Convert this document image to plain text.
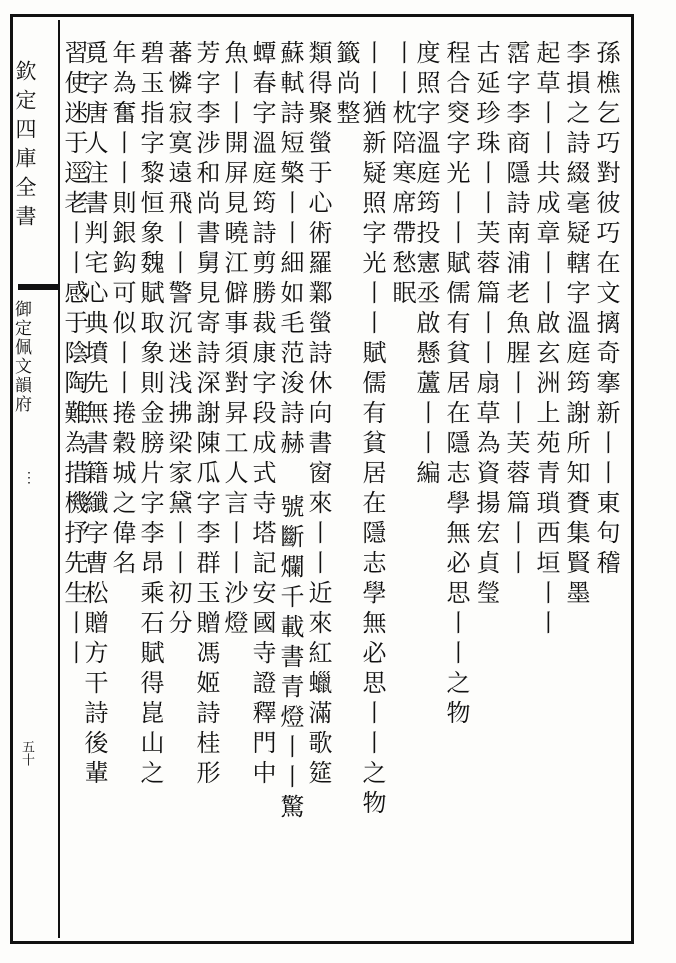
欽定四庫全書
御定佩文韻府
⋮
五十
孫樵乞巧對彼巧在文摛奇搴新丨丨東句稽
李損之詩綴毫疑轄字溫庭筠謝所知賚集賢墨
起草丨丨共成章丨丨啟玄洲上苑青瑣西垣丨丨
霑字李商隱詩南浦老魚腥丨丨芙蓉篇丨丨
古延珍珠丨丨芙蓉篇丨丨扇草為資揚宏貞瑩
程合窔字光丨丨賦儒有貧居在隱志學無必思丨丨之物
度照字溫庭筠投憲丞啟懸蘆丨丨編
丨丨枕陪寒席帶愁眠
丨丨猶新疑照字光丨丨賦儒有貧居在隱志學無必思丨丨之物
籤尚整
類得聚螢于心術羅鄴螢詩休向書窗來丨丨近來紅蠟滿歌筵
蘇軾詩短檠丨丨細如毛范浚詩赫 號斷爛千載書青燈丨丨驚
蟫春字溫庭筠詩剪勝裁康字段成式寺塔記安國寺證釋門中
魚丨丨開屏見曉江僻事須對昇工人言丨丨沙燈
芳字李涉和尚書舅見寄詩深謝陳瓜字李群玉贈馮姬詩桂形
蕃憐寂寞遠飛丨丨警沉迷浅拂梁家黛丨丨初分
碧玉指字黎恒象魏賦取象則金膀片字李昂乘石賦得崑山之
年為奮丨丨則銀鈎可似丨丨捲穀城之偉名
覓字唐人注書判宅心典墳先無書籍纖字曹松贈方干詩後輩
習使迷于逕老丨丨感于陰陶難為措機抒先生丨丨
